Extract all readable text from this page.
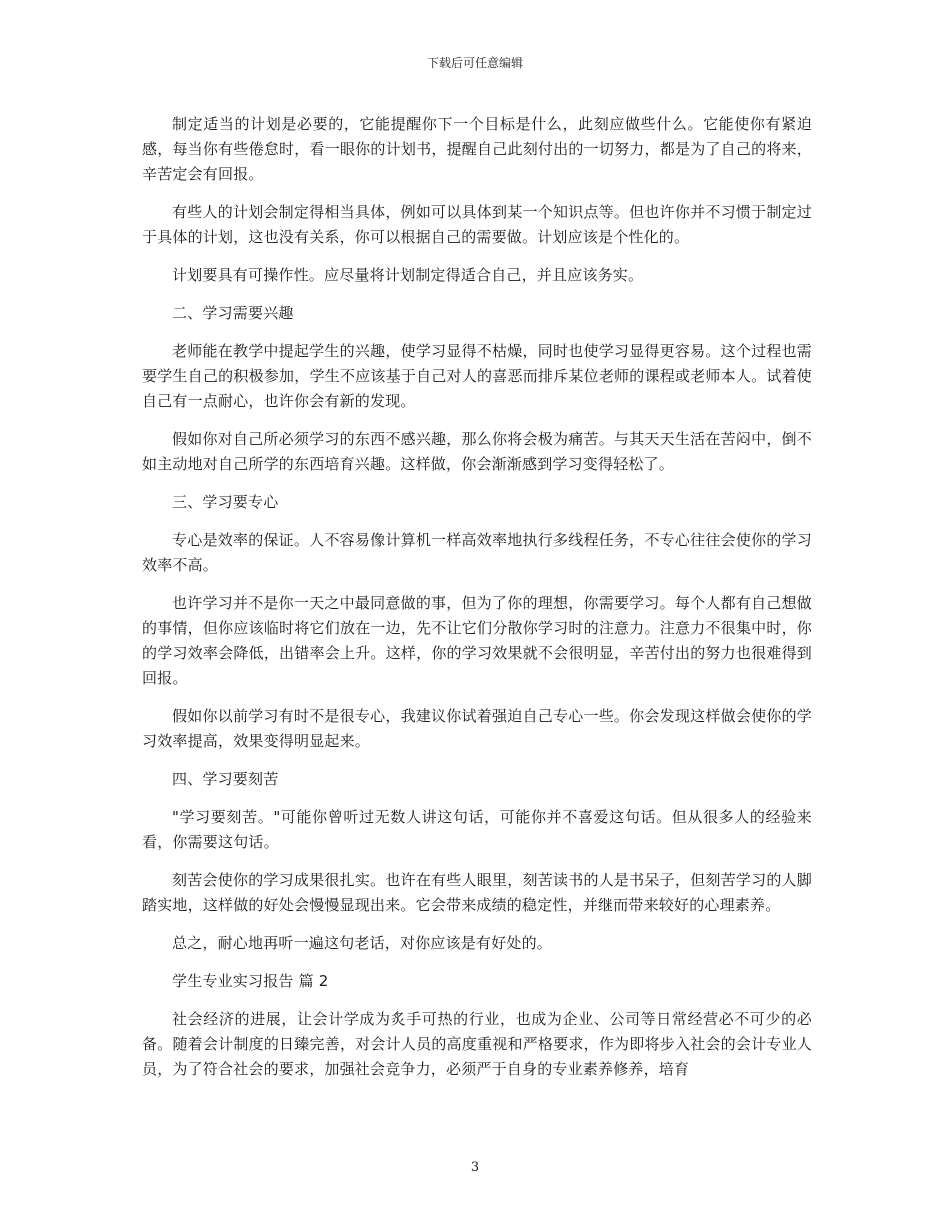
下载后可任意编辑

制定适当的计划是必要的，它能提醒你下一个目标是什么，此刻应做些什么。它能使你有紧迫感，每当你有些倦怠时，看一眼你的计划书，提醒自己此刻付出的一切努力，都是为了自己的将来，辛苦定会有回报。

有些人的计划会制定得相当具体，例如可以具体到某一个知识点等。但也许你并不习惯于制定过于具体的计划，这也没有关系，你可以根据自己的需要做。计划应该是个性化的。

计划要具有可操作性。应尽量将计划制定得适合自己，并且应该务实。

二、学习需要兴趣

老师能在教学中提起学生的兴趣，使学习显得不枯燥，同时也使学习显得更容易。这个过程也需要学生自己的积极参加，学生不应该基于自己对人的喜恶而排斥某位老师的课程或老师本人。试着使自己有一点耐心，也许你会有新的发现。

假如你对自己所必须学习的东西不感兴趣，那么你将会极为痛苦。与其天天生活在苦闷中，倒不如主动地对自己所学的东西培育兴趣。这样做，你会渐渐感到学习变得轻松了。

三、学习要专心

专心是效率的保证。人不容易像计算机一样高效率地执行多线程任务，不专心往往会使你的学习效率不高。

也许学习并不是你一天之中最同意做的事，但为了你的理想，你需要学习。每个人都有自己想做的事情，但你应该临时将它们放在一边，先不让它们分散你学习时的注意力。注意力不很集中时，你的学习效率会降低，出错率会上升。这样，你的学习效果就不会很明显，辛苦付出的努力也很难得到回报。

假如你以前学习有时不是很专心，我建议你试着强迫自己专心一些。你会发现这样做会使你的学习效率提高，效果变得明显起来。

四、学习要刻苦

"学习要刻苦。"可能你曾听过无数人讲这句话，可能你并不喜爱这句话。但从很多人的经验来看，你需要这句话。

刻苦会使你的学习成果很扎实。也许在有些人眼里，刻苦读书的人是书呆子，但刻苦学习的人脚踏实地，这样做的好处会慢慢显现出来。它会带来成绩的稳定性，并继而带来较好的心理素养。

总之，耐心地再听一遍这句老话，对你应该是有好处的。

学生专业实习报告 篇 2

社会经济的进展，让会计学成为炙手可热的行业，也成为企业、公司等日常经营必不可少的必备。随着会计制度的日臻完善，对会计人员的高度重视和严格要求，作为即将步入社会的会计专业人员，为了符合社会的要求，加强社会竞争力，必须严于自身的专业素养修养，培育

3
